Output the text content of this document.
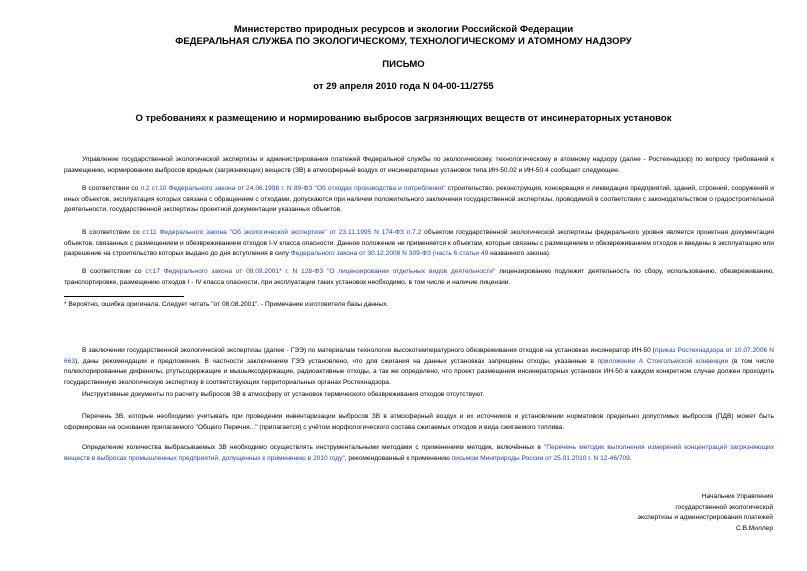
Министерство природных ресурсов и экологии Российской Федерации
ФЕДЕРАЛЬНАЯ СЛУЖБА ПО ЭКОЛОГИЧЕСКОМУ, ТЕХНОЛОГИЧЕСКОМУ И АТОМНОМУ НАДЗОРУ
ПИСЬМО
от 29 апреля 2010 года N 04-00-11/2755
О требованиях к размещению и нормированию выбросов загрязняющих веществ от инсинераторных установок
Управление государственной экологической экспертизы и администрирования платежей Федеральной службы по экологическому, технологическому и атомному надзору (далее - Ростехнадзор) по вопросу требований к размещению, нормированию выбросов вредных (загрязняющих) веществ (ЗВ) в атмосферный воздух от инсинераторных установок типа ИН-50.02 и ИН-50.4 сообщает следующее.
В соответствии со п.2 ст.10 Федерального закона от 24.06.1998 г. N 89-ФЗ "Об отходах производства и потребления" строительство, реконструкция, консервация и ликвидация предприятий, зданий, строений, сооружений и иных объектов, эксплуатация которых связана с обращением с отходами, допускаются при наличии положительного заключения государственной экспертизы, проводимой в соответствии с законодательством о градостроительной деятельности, государственной экспертизы проектной документации указанных объектов.
В соответствии со ст.11 Федерального закона "Об экологической экспертизе" от 23.11.1995 N 174-ФЗ п.7.2 объектом государственной экологической экспертизы федерального уровня является проектная документация объектов, связанных с размещением и обезвреживанием отходов I-V класса опасности. Данное положение не применяется к объектам, которые связаны с размещением и обезвреживанием отходов и введены в эксплуатацию или разрешение на строительство которых выдано до дня вступления в силу Федерального закона от 30.12.2008 N 309-ФЗ (часть 6 статьи 49 названного закона).
В соответствии со ст.17 Федерального закона от 08.09.2001* г. N 128-ФЗ "О лицензировании отдельных видов деятельности" лицензированию подлежит деятельность по сбору, использованию, обезвреживанию, транспортировке, размещению отходов I - IV класса опасности, при эксплуатации таких установок необходимо, в том числе и наличие лицензии.
* Вероятно, ошибка оригинала. Следует читать "от 08.08.2001". - Примечание изготовителя базы данных.
В заключении государственной экологической экспертизы (далее - ГЭЭ) по материалам технологии высокотемпературного обезвреживания отходов на установках инсинератор ИН-50 (приказ Ростехнадзора от 10.07.2006 N 663), даны рекомендации и предложения. В частности заключением ГЭЭ установлено, что для сжигания на данных установках запрещены отходы, указанные в приложении А Стокгольмской конвенции (в том числе полихлорированные дифенилы, ртутьсодержащие и мышьяксодержащие, радиоактивные отходы, а так же определено, что проект размещения инсинераторных установок ИН-50 в каждом конкретном случае должен проходить государственную экологическую экспертизу в соответствующих территориальных органах Ростехнадзора.
Инструктивные документы по расчету выбросов ЗВ в атмосферу от установок термического обезвреживания отходов отсутствуют.
Перечень ЗВ, которые необходимо учитывать при проведении инвентаризации выбросов ЗВ в атмосферный воздух и их источников и установлении нормативов предельно допустимых выбросов (ПДВ) может быть сформирован на основании прилагаемого "Общего Перечня..." (прилагается) с учётом морфологического состава сжигаемых отходов и вида сжигаемого топлива.
Определение количества выбрасываемых ЗВ необходимо осуществлять инструментальными методами с применением методик, включённых в "Перечень методик выполнения измерений концентраций загрязняющих веществ в выбросах промышленных предприятий, допущенных к применению в 2010 году", рекомендованный к применению письмом Минприроды России от 25.01.2010 г. N 12-46/709.
Начальник Управления
государственной экологической
экспертизы и администрирования платежей
С.В.Миллер
